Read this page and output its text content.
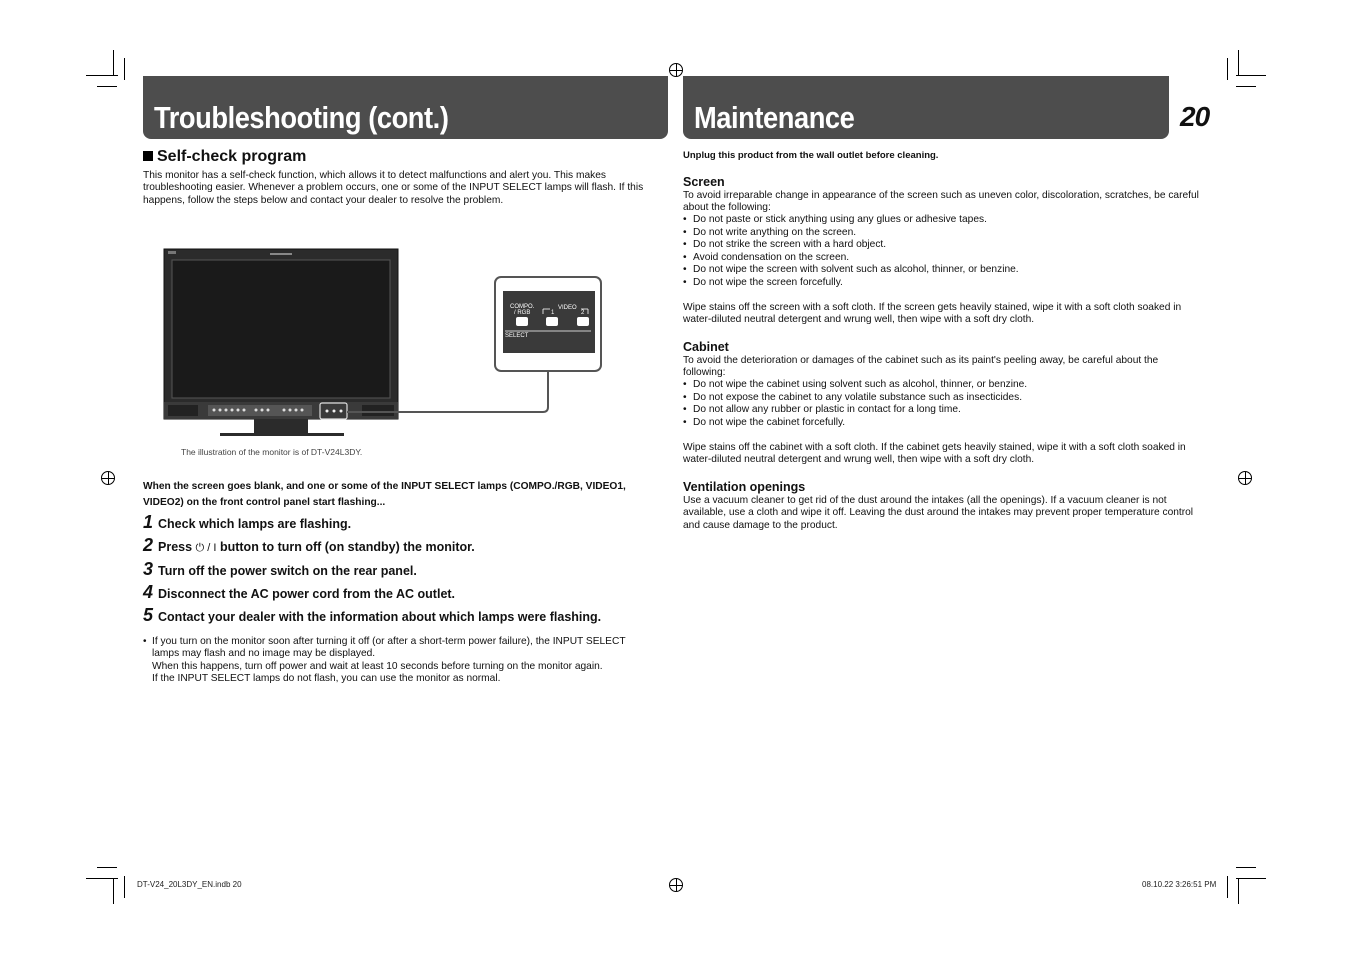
Troubleshooting (cont.)
Self-check program
This monitor has a self-check function, which allows it to detect malfunctions and alert you. This makes troubleshooting easier. Whenever a problem occurs, one or some of the INPUT SELECT lamps will flash. If this happens, follow the steps below and contact your dealer to resolve the problem.
COMPO.
/ RGB
VIDEO
1	2
SELECT
The illustration of the monitor is of DT-V24L3DY.
When the screen goes blank, and one or some of the INPUT SELECT lamps (COMPO./RGB, VIDEO1, VIDEO2) on the front control panel start flashing...
1 Check which lamps are flashing.
2 Press ⏻ / I button to turn off (on standby) the monitor.
3 Turn off the power switch on the rear panel.
4 Disconnect the AC power cord from the AC outlet.
5 Contact your dealer with the information about which lamps were flashing.
• If you turn on the monitor soon after turning it off (or after a short-term power failure), the INPUT SELECT lamps may flash and no image may be displayed.
When this happens, turn off power and wait at least 10 seconds before turning on the monitor again.
If the INPUT SELECT lamps do not flash, you can use the monitor as normal.
Maintenance	20
Unplug this product from the wall outlet before cleaning.
Screen
To avoid irreparable change in appearance of the screen such as uneven color, discoloration, scratches, be careful about the following:
• Do not paste or stick anything using any glues or adhesive tapes.
• Do not write anything on the screen.
• Do not strike the screen with a hard object.
• Avoid condensation on the screen.
• Do not wipe the screen with solvent such as alcohol, thinner, or benzine.
• Do not wipe the screen forcefully.
Wipe stains off the screen with a soft cloth. If the screen gets heavily stained, wipe it with a soft cloth soaked in water-diluted neutral detergent and wrung well, then wipe with a soft dry cloth.
Cabinet
To avoid the deterioration or damages of the cabinet such as its paint's peeling away, be careful about the following:
• Do not wipe the cabinet using solvent such as alcohol, thinner, or benzine.
• Do not expose the cabinet to any volatile substance such as insecticides.
• Do not allow any rubber or plastic in contact for a long time.
• Do not wipe the cabinet forcefully.
Wipe stains off the cabinet with a soft cloth. If the cabinet gets heavily stained, wipe it with a soft cloth soaked in water-diluted neutral detergent and wrung well, then wipe with a soft dry cloth.
Ventilation openings
Use a vacuum cleaner to get rid of the dust around the intakes (all the openings). If a vacuum cleaner is not available, use a cloth and wipe it off. Leaving the dust around the intakes may prevent proper temperature control and cause damage to the product.
DT-V24_20L3DY_EN.indb 20	08.10.22 3:26:51 PM
